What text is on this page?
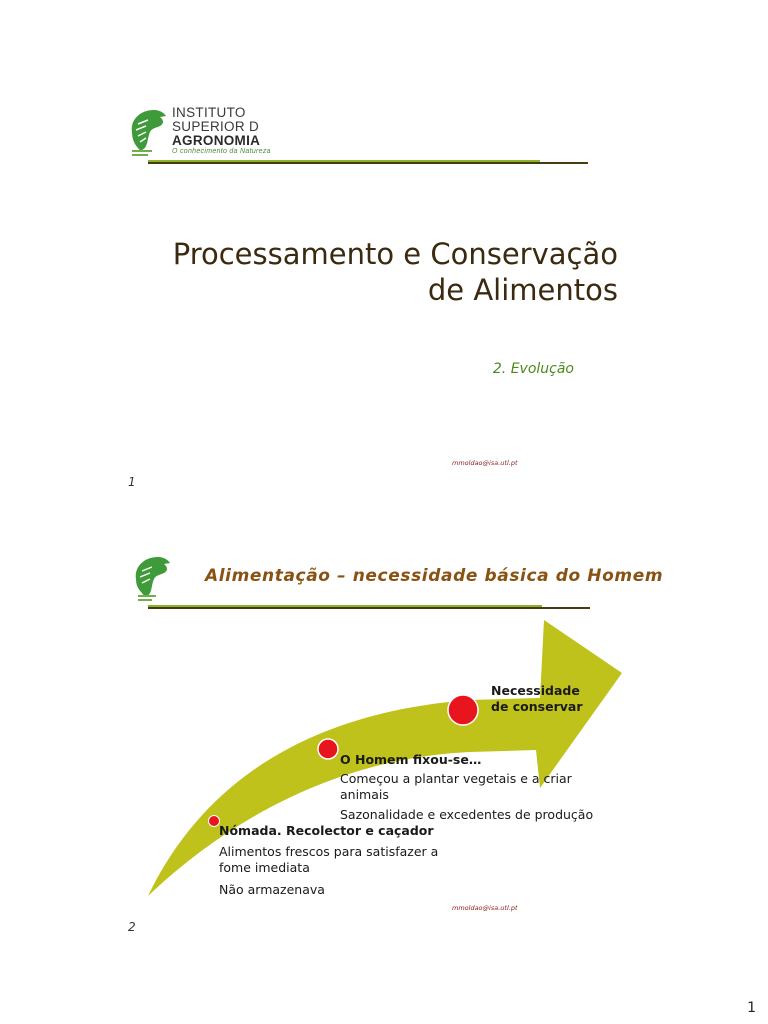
INSTITUTO
SUPERIOR D
AGRONOMIA
O conhecimento da Natureza
Processamento e Conservação
de Alimentos
2. Evolução
mmoldao@isa.utl.pt
1
Alimentação – necessidade básica do Homem
Necessidade
de conservar
O Homem fixou-se…
Começou a plantar vegetais e a criar
animais
Sazonalidade e excedentes de produção
Nómada. Recolector e caçador
Alimentos frescos para satisfazer a
fome imediata
Não armazenava
mmoldao@isa.utl.pt
2
1
